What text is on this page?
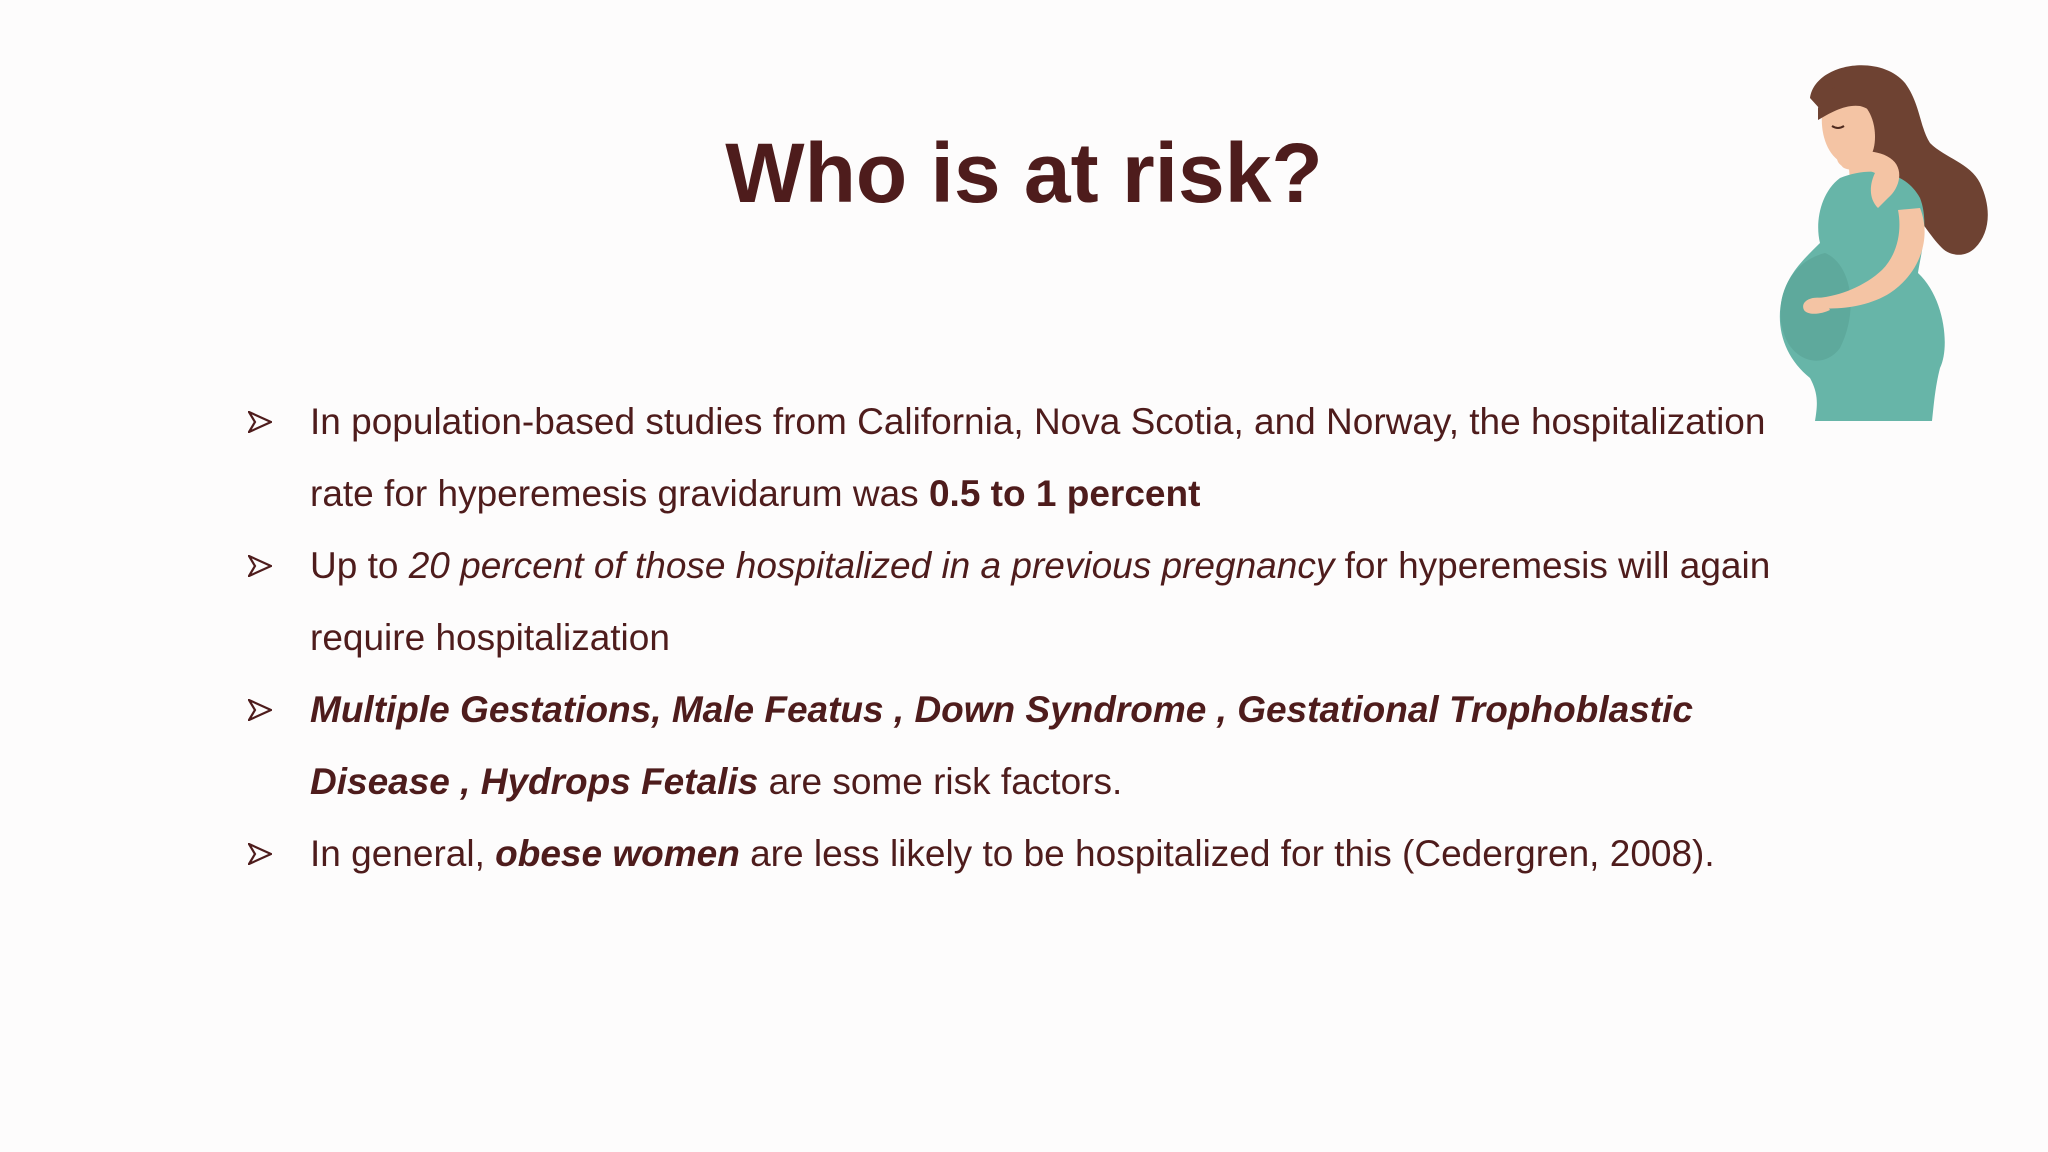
Who is at risk?
In population-based studies from California, Nova Scotia, and Norway, the hospitalization rate for hyperemesis gravidarum was 0.5 to 1 percent
Up to 20 percent of those hospitalized in a previous pregnancy for hyperemesis will again require hospitalization
Multiple Gestations, Male Featus , Down Syndrome , Gestational Trophoblastic Disease , Hydrops Fetalis are some risk factors.
In general, obese women are less likely to be hospitalized for this (Cedergren, 2008).
